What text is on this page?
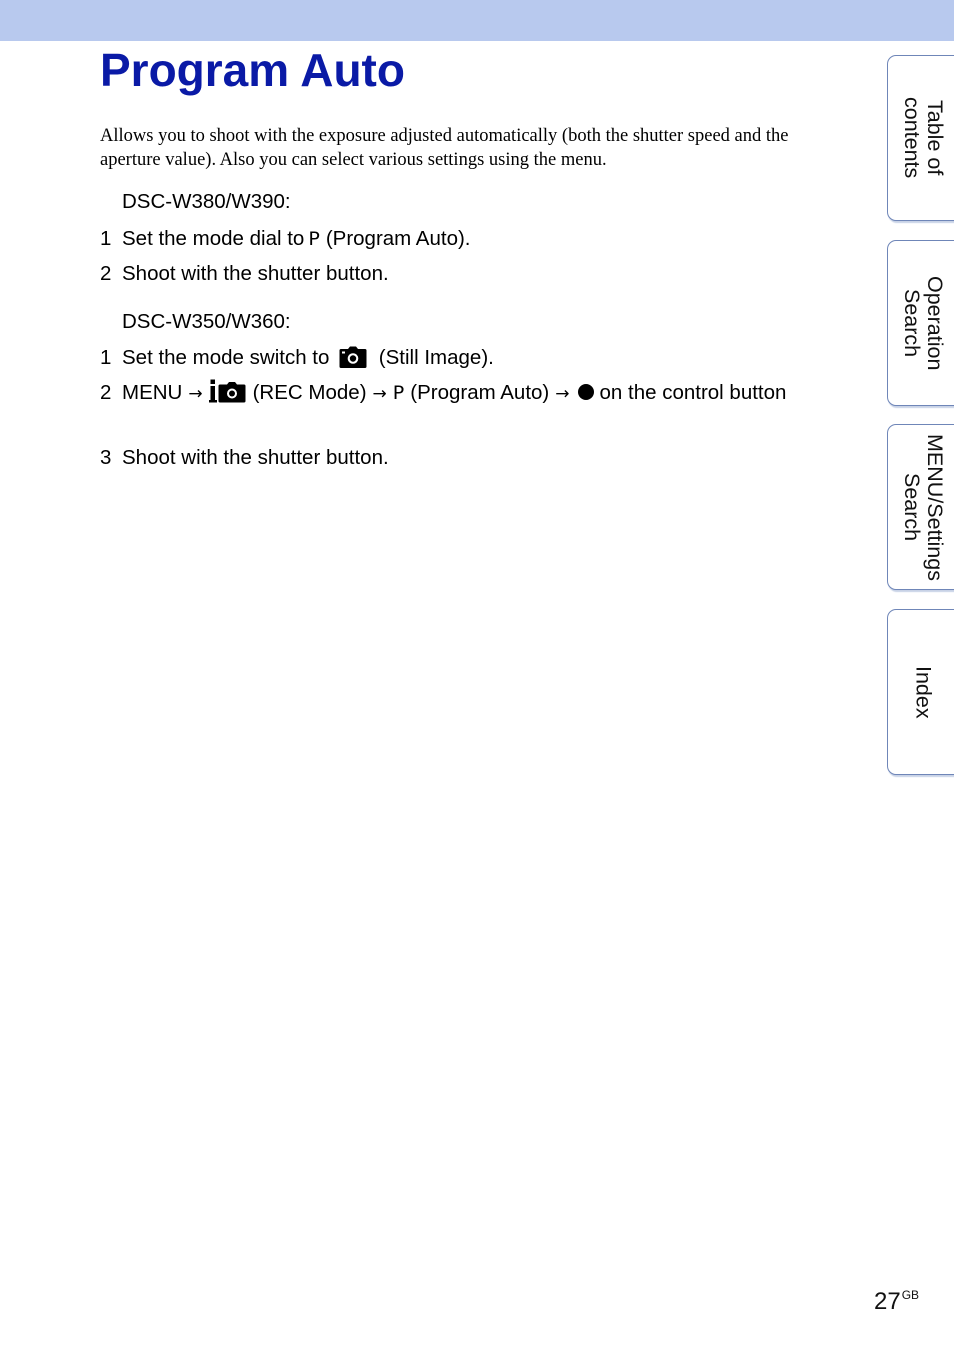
Program Auto

Allows you to shoot with the exposure adjusted automatically (both the shutter speed and the aperture value). Also you can select various settings using the menu.

DSC-W380/W390:
1 Set the mode dial to P (Program Auto).
2 Shoot with the shutter button.
DSC-W350/W360:
1 Set the mode switch to (Still Image).
2 MENU → (REC Mode) → P (Program Auto) → on the control button
3 Shoot with the shutter button.
Table of
contents
Operation
Search
MENU/Settings
Search
Index
$27^{GB}$
